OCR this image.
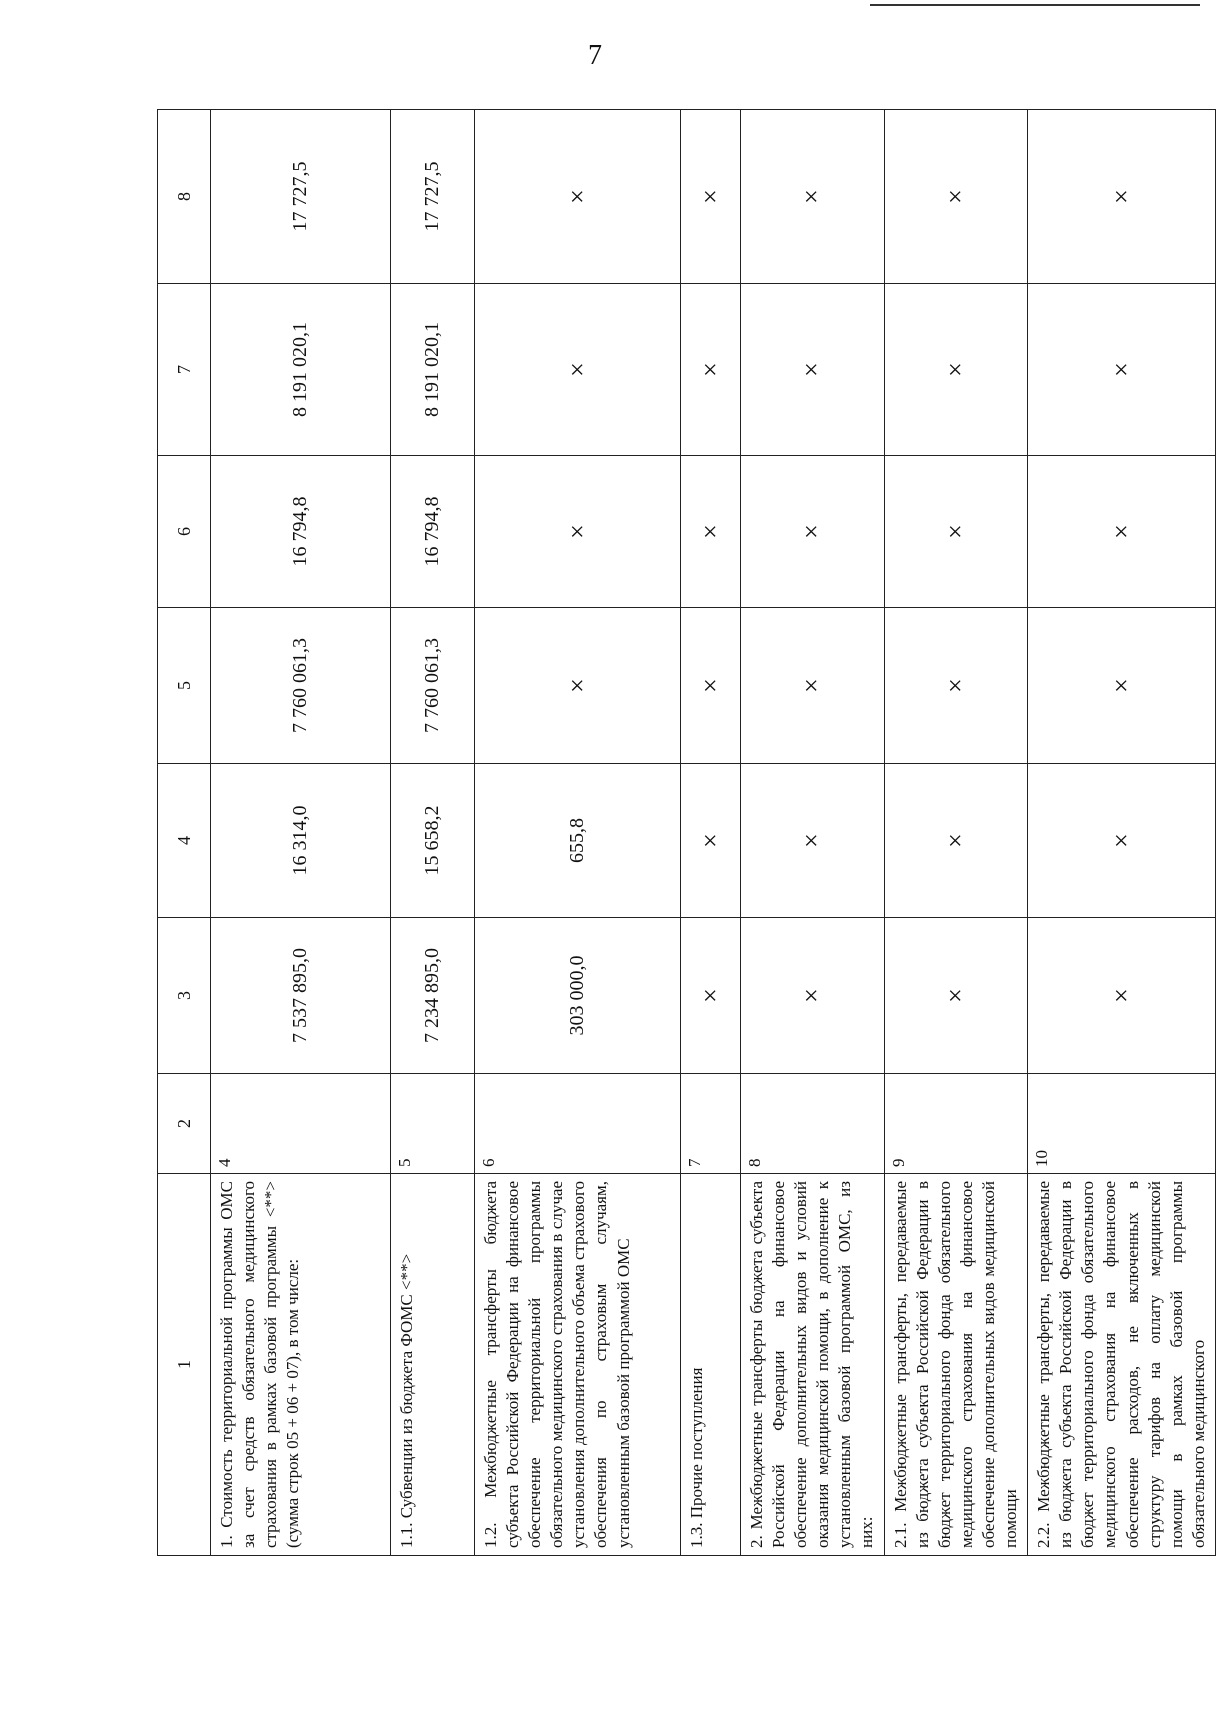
7
1	2	3	4	5	6	7	8
1. Стоимость территориальной программы ОМС за счет средств обязательного медицинского страхования в рамках базовой программы <**> (сумма строк 05 + 06 + 07), в том числе:	4	7 537 895,0	16 314,0	7 760 061,3	16 794,8	8 191 020,1	17 727,5
1.1. Субвенции из бюджета ФОМС <**>	5	7 234 895,0	15 658,2	7 760 061,3	16 794,8	8 191 020,1	17 727,5
1.2. Межбюджетные трансферты бюджета субъекта Российской Федерации на финансовое обеспечение территориальной программы обязательного медицинского страхования в случае установления дополнительного объема страхового обеспечения по страховым случаям, установленным базовой программой ОМС	6	303 000,0	655,8	×	×	×	×
1.3. Прочие поступления	7	×	×	×	×	×	×
2. Межбюджетные трансферты бюджета субъекта Российской Федерации на финансовое обеспечение дополнительных видов и условий оказания медицинской помощи, в дополнение к установленным базовой программой ОМС, из них:	8	×	×	×	×	×	×
2.1. Межбюджетные трансферты, передаваемые из бюджета субъекта Российской Федерации в бюджет территориального фонда обязательного медицинского страхования на финансовое обеспечение дополнительных видов медицинской помощи	9	×	×	×	×	×	×
2.2. Межбюджетные трансферты, передаваемые из бюджета субъекта Российской Федерации в бюджет территориального фонда обязательного медицинского страхования на финансовое обеспечение расходов, не включенных в структуру тарифов на оплату медицинской помощи в рамках базовой программы обязательного медицинского	10	×	×	×	×	×	×
